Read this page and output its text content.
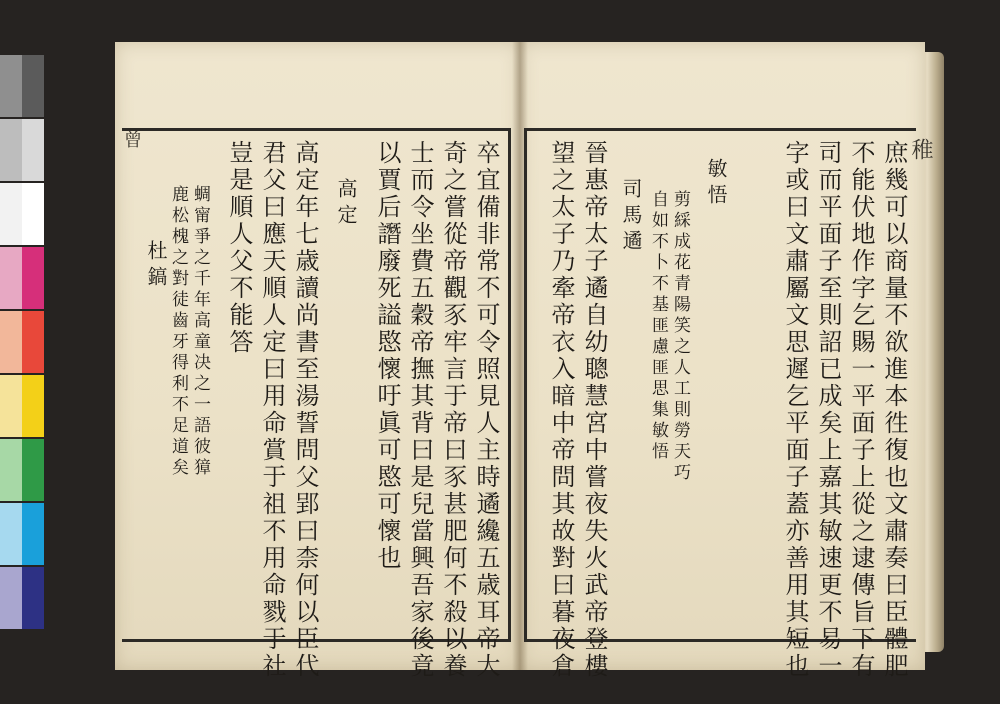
曾	稚
卒宜備非常不可令照見人主時遹纔五歳耳帝大
奇之嘗從帝觀豕牢言于帝曰豕甚肥何不殺以養
士而令坐費五穀帝撫其背曰是兒當興吾家後竟
以賈后譖廢死謚愍懷吁眞可愍可懷也
高定
高定年七歳讀尚書至湯誓問父郢曰柰何以臣代
君父曰應天順人定曰用命賞于祖不用命戮于社
豈是順人父不能答
蜩甯爭之千年高童决之一語彼獐
鹿松槐之對徒齒牙得利不足道矣
杜鎬	庶幾可以商量不欲進本徃復也文肅奏曰臣體肥
不能伏地作字乞賜一平面子上從之逮傳旨下有
司而平面子至則詔已成矣上嘉其敏速更不易一
字或曰文肅屬文思遲乞平面子蓋亦善用其短也
敏悟
剪綵成花青陽笑之人工則勞天巧
自如不卜不基匪慮匪思集敏悟
司馬遹
晉惠帝太子遹自幼聰慧宮中嘗夜失火武帝登樓
望之太子乃牽帝衣入暗中帝問其故對曰暮夜倉
